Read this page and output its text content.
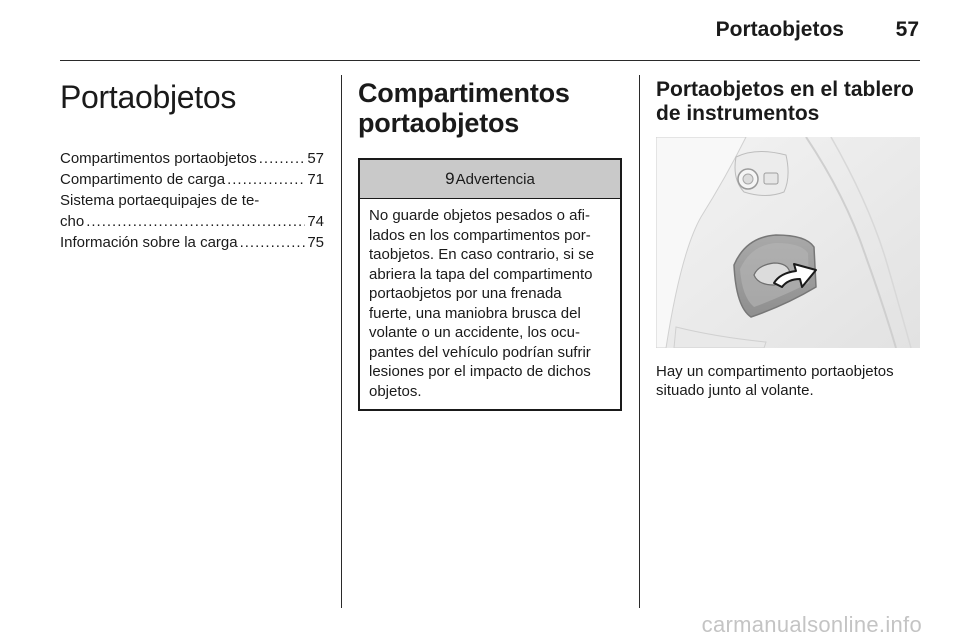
Portaobjetos 57
Portaobjetos
Compartimentos portaobjetos .....	57
Compartimento de carga .....	71
Sistema portaequipajes de te-
cho .....	74
Información sobre la carga .....	75
Compartimentos
portaobjetos
9Advertencia
No guarde objetos pesados o afi-
lados en los compartimentos por-
taobjetos. En caso contrario, si se
abriera la tapa del compartimento
portaobjetos por una frenada
fuerte, una maniobra brusca del
volante o un accidente, los ocu-
pantes del vehículo podrían sufrir
lesiones por el impacto de dichos
objetos.
Portaobjetos en el tablero
de instrumentos
Hay un compartimento portaobjetos
situado junto al volante.
carmanualsonline.info
